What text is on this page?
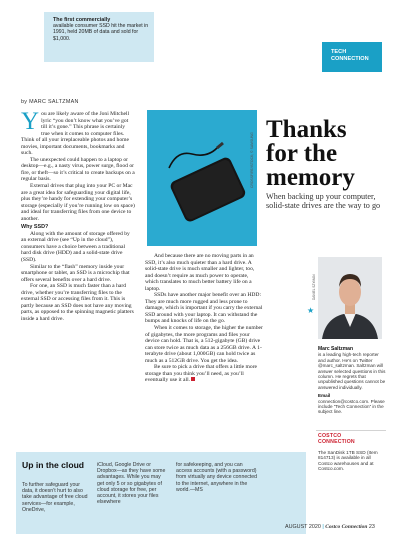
The first commercially
available consumer SSD hit the market in 1991, held 20MB of data and sold for $1,000.
TECH
CONNECTION
by MARC SALTZMAN

You are likely aware of the Joni Mitchell lyric “you don’t know what you’ve got till it’s gone.” This phrase is certainly true when it comes to computer files. Think of all your irreplaceable photos and home movies, important documents, bookmarks and such.

The unexpected could happen to a laptop or desktop—e.g., a nasty virus, power surge, flood or fire, or theft—so it’s critical to create backups on a regular basis.

External drives that plug into your PC or Mac are a great idea for safeguarding your digital life, plus they’re handy for extending your computer’s storage (especially if you’re running low on space) and ideal for transferring files from one device to another.

Why SSD?

Along with the amount of storage offered by an external drive (see “Up in the cloud”), consumers have a choice between a traditional hard disk drive (HDD) and a solid-state drive (SSD).

Similar to the “flash” memory inside your smartphone or tablet, an SSD is a microchip that offers several benefits over a hard drive.

For one, an SSD is much faster than a hard drive, whether you’re transferring files to the external SSD or accessing files from it. This is partly because an SSD does not have any moving parts, as opposed to the spinning magnetic platters inside a hard drive.

CROSSFIRE/ISTOCK; © SAMSUNG
Thanks
for the
memory
When backing up your computer, solid-state drives are the way to go

And because there are no moving parts in an SSD, it’s also much quieter than a hard drive. A solid-state drive is much smaller and lighter, too, and doesn’t require as much power to operate, which translates to much better battery life on a laptop.

SSDs have another major benefit over an HDD: They are much more rugged and less prone to damage, which is important if you carry the external SSD around with your laptop. It can withstand the bumps and knocks of life on the go.

When it comes to storage, the higher the number of gigabytes, the more programs and files your device can hold. That is, a 512-gigabyte (GB) drive can store twice as much data as a 256GB drive. A 1-terabyte drive (about 1,000GB) can hold twice as much as a 512GB drive. You get the idea.

Be sure to pick a drive that offers a little more storage than you think you’ll need, as you’ll eventually use it all.

DANIEL SZYMAN
★
Marc Saltzman
is a leading high-tech reporter and author. He’s on Twitter @marc_saltzman. Saltzman will answer selected questions in this column. He regrets that unpublished questions cannot be answered individually.
Email
connection@costco.com. Please include “Tech Connection” in the subject line.
COSTCO
CONNECTION
The SanDisk 1TB SSD (Item 814713) is available in all Costco warehouses and at Costco.com.
Up in the cloud
To further safeguard your data, it doesn’t hurt to also take advantage of free cloud services—for example, OneDrive,
iCloud, Google Drive or Dropbox—as they have some advantages. While you may get only 5 or so gigabytes of cloud storage for free, per account, it stores your files elsewhere
for safekeeping, and you can access accounts (with a password) from virtually any device connected to the internet, anywhere in the world.—MS
AUGUST 2020 | Costco Connection 23
